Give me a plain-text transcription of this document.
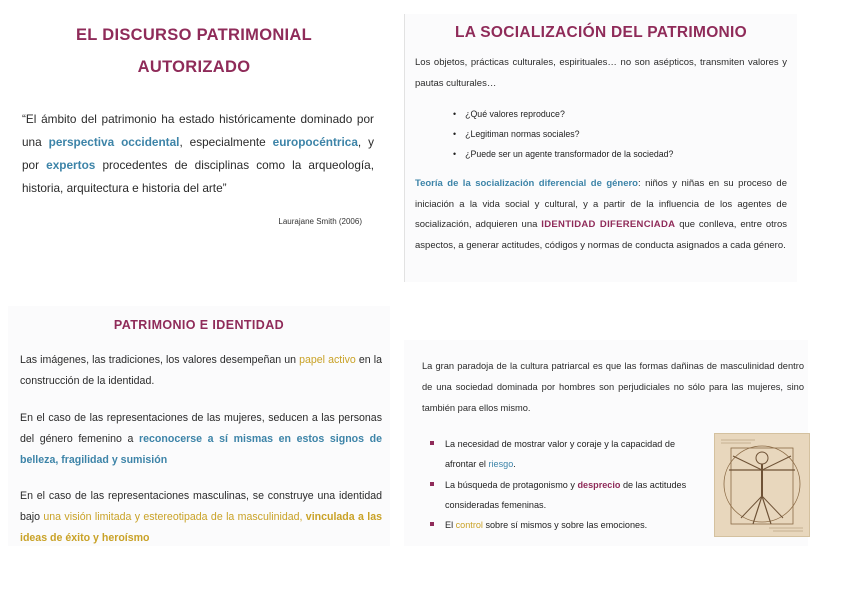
EL DISCURSO PATRIMONIAL
AUTORIZADO
“El ámbito del patrimonio ha estado históricamente dominado por una perspectiva occidental, especialmente europocéntrica, y por expertos procedentes de disciplinas como la arqueología, historia, arquitectura e historia del arte”
Laurajane Smith (2006)
LA SOCIALIZACIÓN DEL PATRIMONIO
Los objetos, prácticas culturales, espirituales… no son asépticos, transmiten valores y pautas culturales…
• ¿Qué valores reproduce?
• ¿Legitiman normas sociales?
• ¿Puede ser un agente transformador de la sociedad?
Teoría de la socialización diferencial de género: niños y niñas en su proceso de iniciación a la vida social y cultural, y a partir de la influencia de los agentes de socialización, adquieren una IDENTIDAD DIFERENCIADA que conlleva, entre otros aspectos, a generar actitudes, códigos y normas de conducta asignados a cada género.
PATRIMONIO E IDENTIDAD
Las imágenes, las tradiciones, los valores desempeñan un papel activo en la construcción de la identidad.
En el caso de las representaciones de las mujeres, seducen a las personas del género femenino a reconocerse a sí mismas en estos signos de belleza, fragilidad y sumisión
En el caso de las representaciones masculinas, se construye una identidad bajo una visión limitada y estereotipada de la masculinidad, vinculada a las ideas de éxito y heroísmo
La gran paradoja de la cultura patriarcal es que las formas dañinas de masculinidad dentro de una sociedad dominada por hombres son perjudiciales no sólo para las mujeres, sino también para ellos mismo.
La necesidad de mostrar valor y coraje y la capacidad de afrontar el riesgo.
La búsqueda de protagonismo y desprecio de las actitudes consideradas femeninas.
El control sobre sí mismos y sobre las emociones.
